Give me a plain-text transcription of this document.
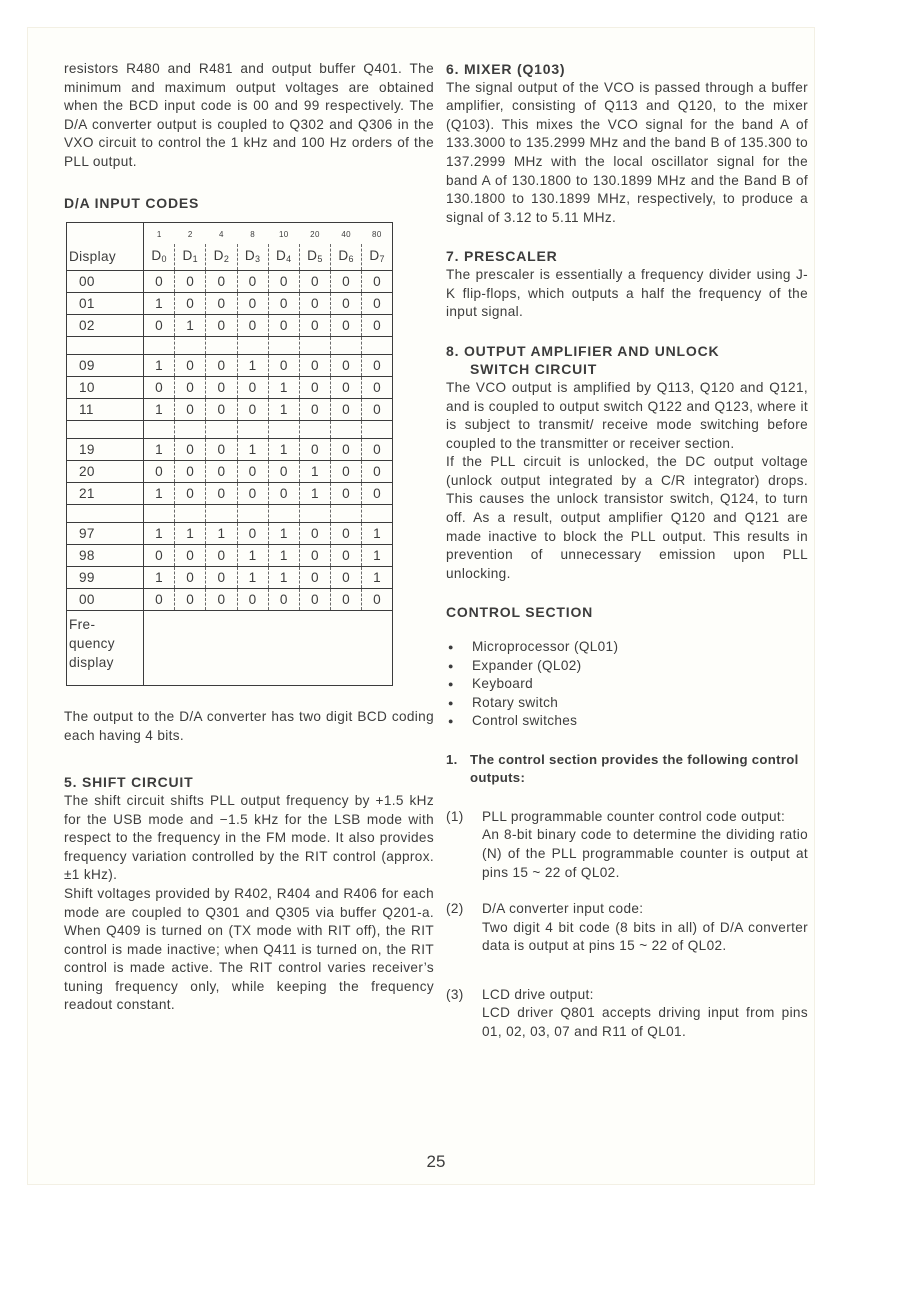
resistors R480 and R481 and output buffer Q401. The minimum and maximum output voltages are obtained when the BCD input code is 00 and 99 respectively. The D/A converter output is coupled to Q302 and Q306 in the VXO circuit to control the 1 kHz and 100 Hz orders of the PLL output.

D/A INPUT CODES
	1	2	4	8	10	20	40	80
Display	$D_0$	$D_1$	$D_2$	$D_3$	$D_4$	$D_5$	$D_6$	$D_7$
00	0	0	0	0	0	0	0	0
01	1	0	0	0	0	0	0	0
02	0	1	0	0	0	0	0	0

09	1	0	0	1	0	0	0	0
10	0	0	0	0	1	0	0	0
11	1	0	0	0	1	0	0	0

19	1	0	0	1	1	0	0	0
20	0	0	0	0	0	1	0	0
21	1	0	0	0	0	1	0	0

97	1	1	1	0	1	0	0	1
98	0	0	0	1	1	0	0	1
99	1	0	0	1	1	0	0	1
00	0	0	0	0	0	0	0	0

Fre-
quency
display								

The output to the D/A converter has two digit BCD coding each having 4 bits.

5. SHIFT CIRCUIT

The shift circuit shifts PLL output frequency by +1.5 kHz for the USB mode and −1.5 kHz for the LSB mode with respect to the frequency in the FM mode. It also provides frequency variation controlled by the RIT control (approx. ±1 kHz).

Shift voltages provided by R402, R404 and R406 for each mode are coupled to Q301 and Q305 via buffer Q201-a. When Q409 is turned on (TX mode with RIT off), the RIT control is made inactive; when Q411 is turned on, the RIT control is made active. The RIT control varies receiver’s tuning frequency only, while keeping the frequency readout constant.

6. MIXER (Q103)

The signal output of the VCO is passed through a buffer amplifier, consisting of Q113 and Q120, to the mixer (Q103). This mixes the VCO signal for the band A of 133.3000 to 135.2999 MHz and the band B of 135.300 to 137.2999 MHz with the local oscillator signal for the band A of 130.1800 to 130.1899 MHz and the Band B of 130.1800 to 130.1899 MHz, respectively, to produce a signal of 3.12 to 5.11 MHz.

7. PRESCALER

The prescaler is essentially a frequency divider using J-K flip-flops, which outputs a half the frequency of the input signal.

8. OUTPUT AMPLIFIER AND UNLOCK
SWITCH CIRCUIT

The VCO output is amplified by Q113, Q120 and Q121, and is coupled to output switch Q122 and Q123, where it is subject to transmit/ receive mode switching before coupled to the transmitter or receiver section.

If the PLL circuit is unlocked, the DC output voltage (unlock output integrated by a C/R integrator) drops. This causes the unlock transistor switch, Q124, to turn off. As a result, output amplifier Q120 and Q121 are made inactive to block the PLL output. This results in prevention of unnecessary emission upon PLL unlocking.

CONTROL SECTION
● Microprocessor (QL01)
● Expander (QL02)
● Keyboard
● Rotary switch
● Control switches
1. The control section provides the following control outputs:
(1)	PLL programmable counter control code output:

An 8-bit binary code to determine the dividing ratio (N) of the PLL programmable counter is output at pins 15 ~ 22 of QL02.

(2)	D/A converter input code:

Two digit 4 bit code (8 bits in all) of D/A converter data is output at pins 15 ~ 22 of QL02.

(3)	LCD drive output:

LCD driver Q801 accepts driving input from pins 01, 02, 03, 07 and R11 of QL01.

25
